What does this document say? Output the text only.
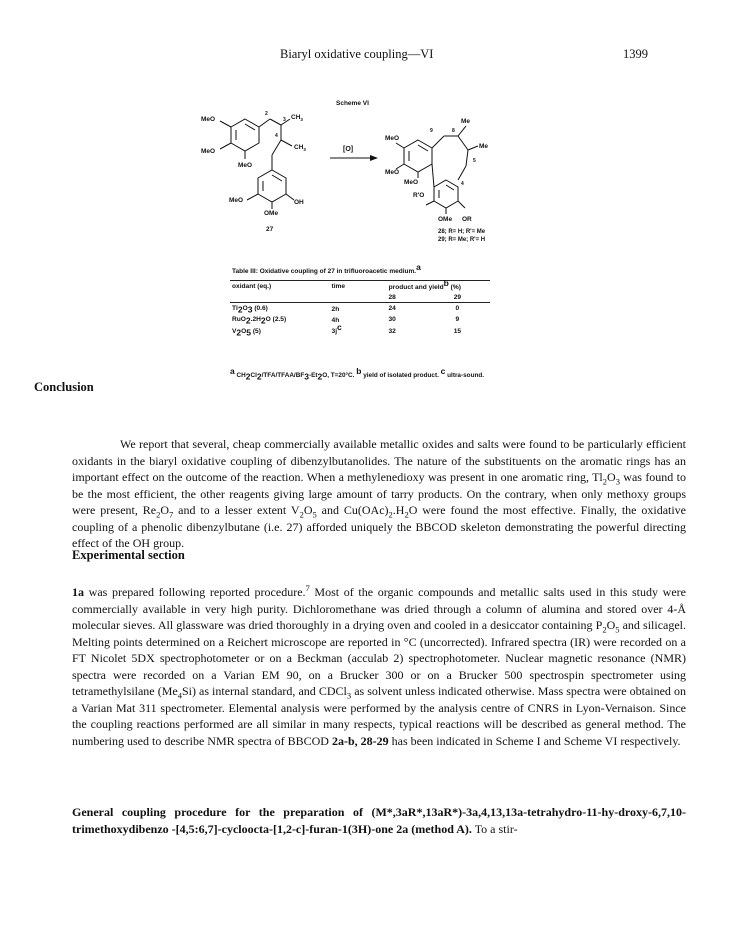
Biaryl oxidative coupling—VI	1399
Scheme VI
MeO
MeO
MeO
MeO	OH
OMe
$CH_3$
$CH_3$
2
3
4
27
[O]
MeO
MeO
MeO
R'O
OMe OR
Me
Me
9	8
5
4
28; R= H; R'= Me
29; R= Me; R'= H
Table III: Oxidative coupling of 27 in trifluoroacetic medium.$^a$

oxidant (eq.)	time	product and yield$^b$ (%)	
		28	29

$Tl_2O_3$ (0.6)	2h	24	0
$RuO_2.2H_2O$ (2.5)	4h	30	9
$V_2O_5$ (5)	$3j^c$	32	15
$^a$ $CH_2Cl_2/TFA/TFAA/BF_3-Et_2O$, T=20°C. $^b$ yield of isolated product. $^c$ ultra-sound.
Conclusion

We report that several, cheap commercially available metallic oxides and salts were found to be particularly efficient oxidants in the biaryl oxidative coupling of dibenzylbutanolides. The nature of the substituents on the aromatic rings has an important effect on the outcome of the reaction. When a methylenedioxy was present in one aromatic ring, $Tl_2O_3$ was found to be the most efficient, the other reagents giving large amount of tarry products. On the contrary, when only methoxy groups were present, $Re_2O_7$ and to a lesser extent $V_2O_5$ and $Cu(OAc)_2.H_2O$ were found the most effective. Finally, the oxidative coupling of a phenolic dibenzylbutane (i.e. 27) afforded uniquely the BBCOD skeleton demonstrating the powerful directing effect of the OH group.

Experimental section

1a was prepared following reported procedure.$^7$ Most of the organic compounds and metallic salts used in this study were commercially available in very high purity. Dichloromethane was dried through a column of alumina and stored over 4-Å molecular sieves. All glassware was dried thoroughly in a drying oven and cooled in a desiccator containing $P_2O_5$ and silicagel. Melting points determined on a Reichert microscope are reported in °C (uncorrected). Infrared spectra (IR) were recorded on a FT Nicolet 5DX spectrophotometer or on a Beckman (acculab 2) spectrophotometer. Nuclear magnetic resonance (NMR) spectra were recorded on a Varian EM 90, on a Brucker 300 or on a Brucker 500 spectrospin spectrometer using tetramethylsilane $(Me_4Si)$ as internal standard, and CDCl$_3$ as solvent unless indicated otherwise. Mass spectra were obtained on a Varian Mat 311 spectrometer. Elemental analysis were performed by the analysis centre of CNRS in Lyon-Vernaison. Since the coupling reactions performed are all similar in many respects, typical reactions will be described as general method. The numbering used to describe NMR spectra of BBCOD 2a-b, 28-29 has been indicated in Scheme I and Scheme VI respectively.

General coupling procedure for the preparation of (M*,3aR*,13aR*)-3a,4,13,13a-tetrahydro-11-hy-droxy-6,7,10-trimethoxydibenzo -[4,5:6,7]-cycloocta-[1,2-c]-furan-1(3H)-one 2a (method A). To a stir-
